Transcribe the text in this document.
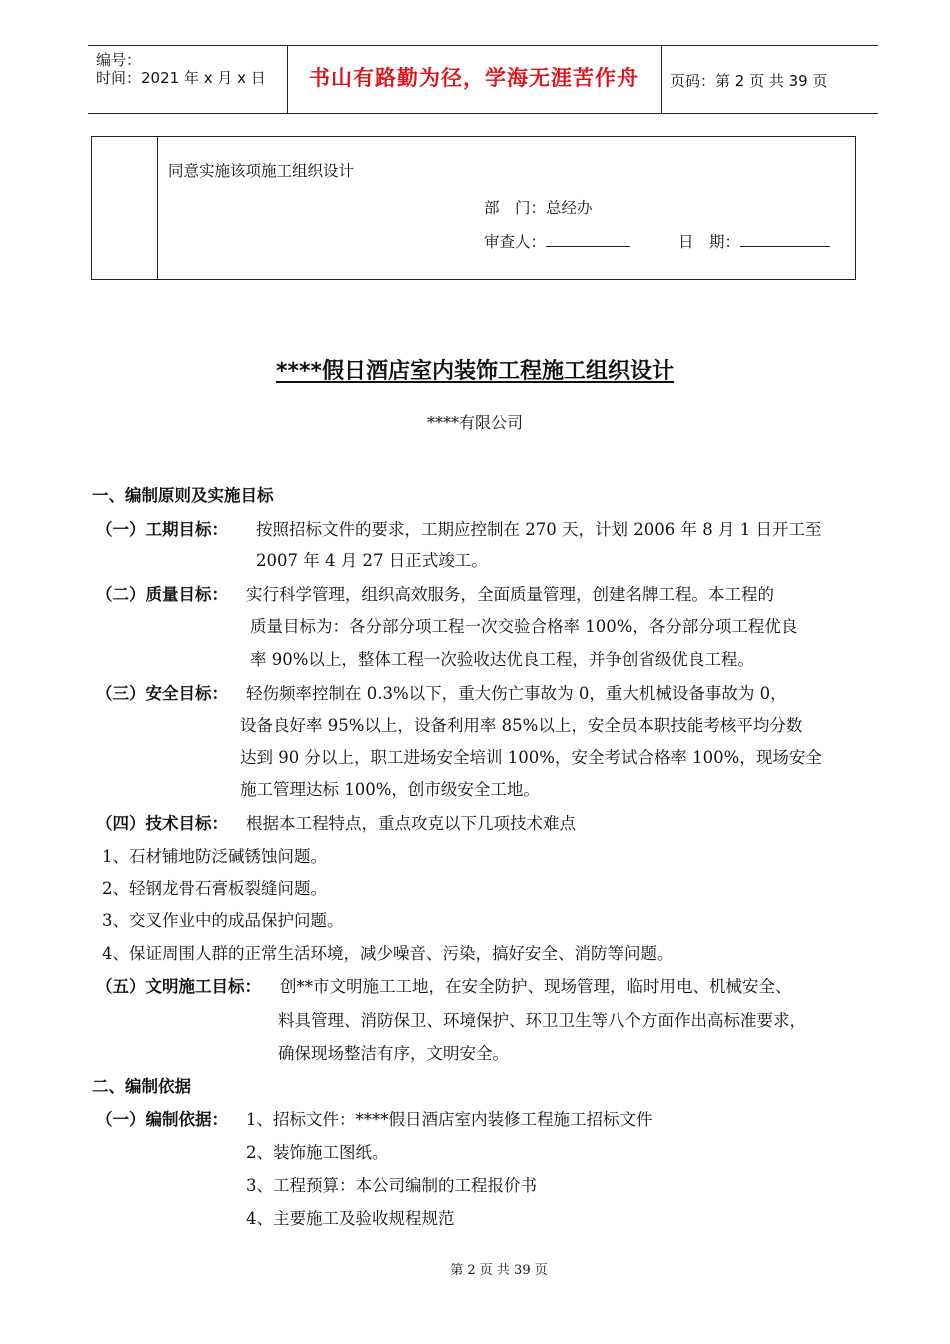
编号：
时间：2021 年 x 月 x 日	书山有路勤为径，学海无涯苦作舟	页码：第 2 页 共 39 页
同意实施该项施工组织设计
部　门：总经办
审查人：	日　期：
****假日酒店室内装饰工程施工组织设计
****有限公司
一、编制原则及实施目标
（一）工期目标： 按照招标文件的要求，工期应控制在 270 天，计划 2006 年 8 月 1 日开工至
2007 年 4 月 27 日正式竣工。
（二）质量目标： 实行科学管理，组织高效服务，全面质量管理，创建名牌工程。本工程的
质量目标为：各分部分项工程一次交验合格率 100%，各分部分项工程优良
率 90%以上，整体工程一次验收达优良工程，并争创省级优良工程。
（三）安全目标： 轻伤频率控制在 0.3%以下，重大伤亡事故为 0，重大机械设备事故为 0，
设备良好率 95%以上，设备利用率 85%以上，安全员本职技能考核平均分数
达到 90 分以上，职工进场安全培训 100%，安全考试合格率 100%，现场安全
施工管理达标 100%，创市级安全工地。
（四）技术目标： 根据本工程特点，重点攻克以下几项技术难点
1、石材铺地防泛碱锈蚀问题。
2、轻钢龙骨石膏板裂缝问题。
3、交叉作业中的成品保护问题。
4、保证周围人群的正常生活环境，减少噪音、污染，搞好安全、消防等问题。
（五）文明施工目标： 创**市文明施工工地，在安全防护、现场管理，临时用电、机械安全、
料具管理、消防保卫、环境保护、环卫卫生等八个方面作出高标准要求，
确保现场整洁有序，文明安全。
二、编制依据
（一）编制依据： 1、招标文件：****假日酒店室内装修工程施工招标文件
2、装饰施工图纸。
3、工程预算：本公司编制的工程报价书
4、主要施工及验收规程规范
第 2 页 共 39 页
